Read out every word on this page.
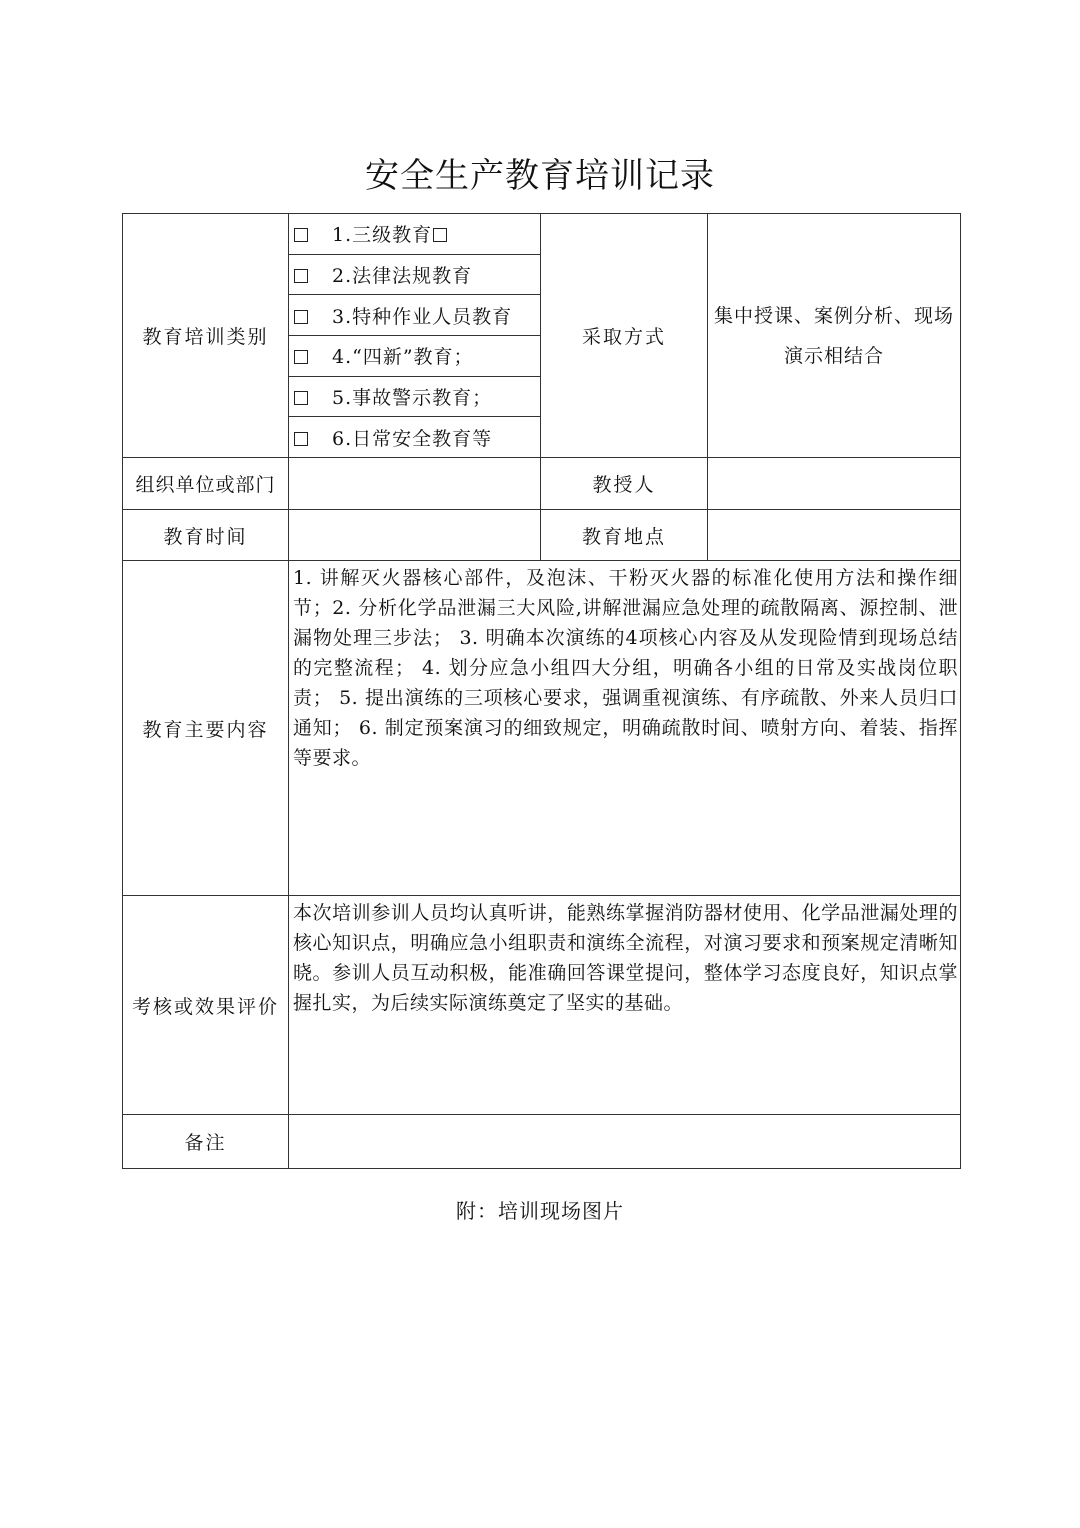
安全生产教育培训记录
教育培训类别	1.三级教育	采取方式	集中授课、案例分析、现场演示相结合
	2.法律法规教育		
	3.特种作业人员教育		
	4.“四新”教育；		
	5.事故警示教育；		
	6.日常安全教育等		
组织单位或部门		教授人	
教育时间		教育地点	
教育主要内容	1. 讲解灭火器核心部件，及泡沫、干粉灭火器的标准化使用方法和操作细节；2. 分析化学品泄漏三大风险,讲解泄漏应急处理的疏散隔离、源控制、泄漏物处理三步法； 3. 明确本次演练的4项核心内容及从发现险情到现场总结的完整流程； 4. 划分应急小组四大分组，明确各小组的日常及实战岗位职责； 5. 提出演练的三项核心要求，强调重视演练、有序疏散、外来人员归口通知； 6. 制定预案演习的细致规定，明确疏散时间、喷射方向、着装、指挥等要求。		
考核或效果评价	本次培训参训人员均认真听讲，能熟练掌握消防器材使用、化学品泄漏处理的核心知识点，明确应急小组职责和演练全流程，对演习要求和预案规定清晰知晓。参训人员互动积极，能准确回答课堂提问，整体学习态度良好，知识点掌握扎实，为后续实际演练奠定了坚实的基础。		
备注			
附：培训现场图片
